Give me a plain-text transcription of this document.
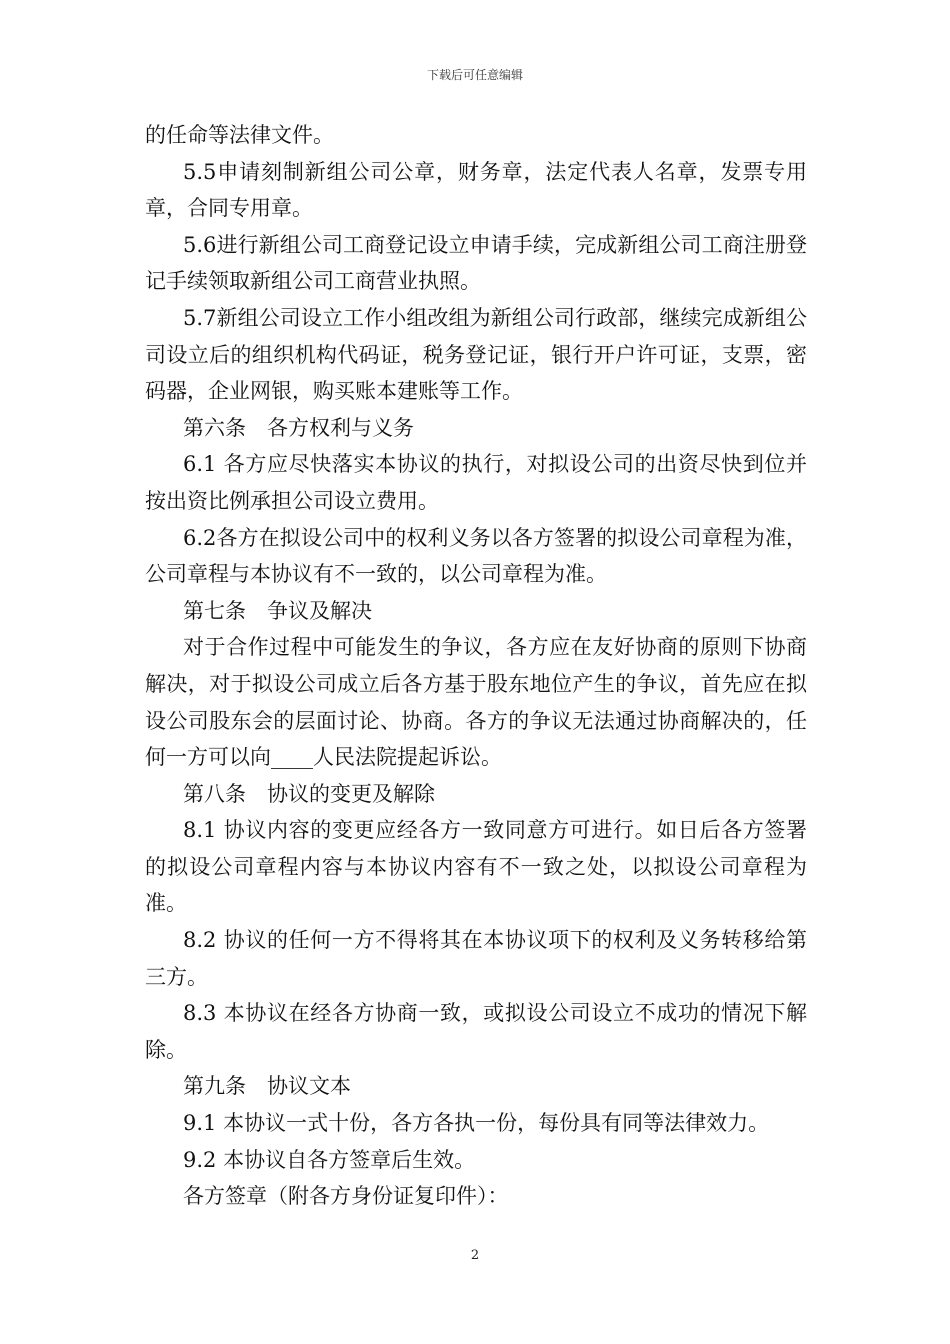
下载后可任意编辑

的任命等法律文件。

5.5申请刻制新组公司公章，财务章，法定代表人名章，发票专用章，合同专用章。

5.6进行新组公司工商登记设立申请手续，完成新组公司工商注册登记手续领取新组公司工商营业执照。

5.7新组公司设立工作小组改组为新组公司行政部，继续完成新组公司设立后的组织机构代码证，税务登记证，银行开户许可证，支票，密码器，企业网银，购买账本建账等工作。

第六条　各方权利与义务

6.1 各方应尽快落实本协议的执行，对拟设公司的出资尽快到位并按出资比例承担公司设立费用。

6.2各方在拟设公司中的权利义务以各方签署的拟设公司章程为准，公司章程与本协议有不一致的，以公司章程为准。

第七条　争议及解决

对于合作过程中可能发生的争议，各方应在友好协商的原则下协商解决，对于拟设公司成立后各方基于股东地位产生的争议，首先应在拟设公司股东会的层面讨论、协商。各方的争议无法通过协商解决的，任何一方可以向____人民法院提起诉讼。

第八条　协议的变更及解除

8.1 协议内容的变更应经各方一致同意方可进行。如日后各方签署的拟设公司章程内容与本协议内容有不一致之处，以拟设公司章程为准。

8.2 协议的任何一方不得将其在本协议项下的权利及义务转移给第三方。

8.3 本协议在经各方协商一致，或拟设公司设立不成功的情况下解除。

第九条　协议文本

9.1 本协议一式十份，各方各执一份，每份具有同等法律效力。

9.2 本协议自各方签章后生效。

各方签章（附各方身份证复印件）：

2
